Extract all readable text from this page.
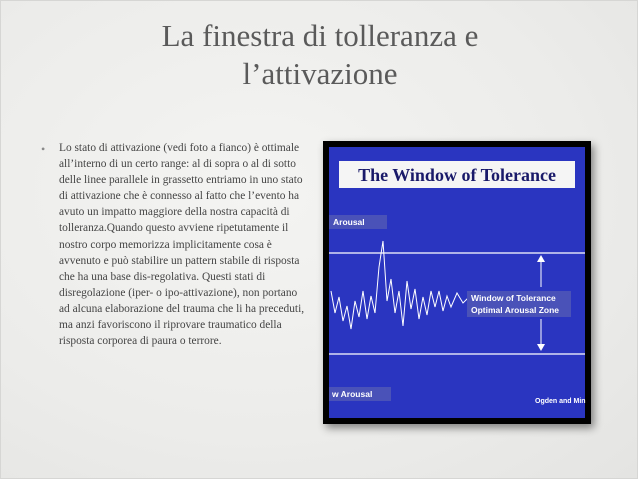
La finestra di tolleranza e
l’attivazione
• Lo stato di attivazione (vedi foto a fianco) è ottimale all’interno di un certo range: al di sopra o al di sotto delle linee parallele in grassetto entriamo in uno stato di attivazione che è connesso al fatto che l’evento ha avuto un impatto maggiore della nostra capacità di tolleranza.Quando questo avviene ripetutamente il nostro corpo memorizza implicitamente cosa è avvenuto e può stabilire un pattern stabile di risposta che ha una base dis-regolativa. Questi stati di disregolazione (iper- o ipo-attivazione), non portano ad alcuna elaborazione del trauma che li ha preceduti, ma anzi favoriscono il riprovare traumatico della risposta corporea di paura o terrore.
The Window of Tolerance
Arousal
Window of Tolerance
Optimal Arousal Zone
w Arousal
Ogden and Min
